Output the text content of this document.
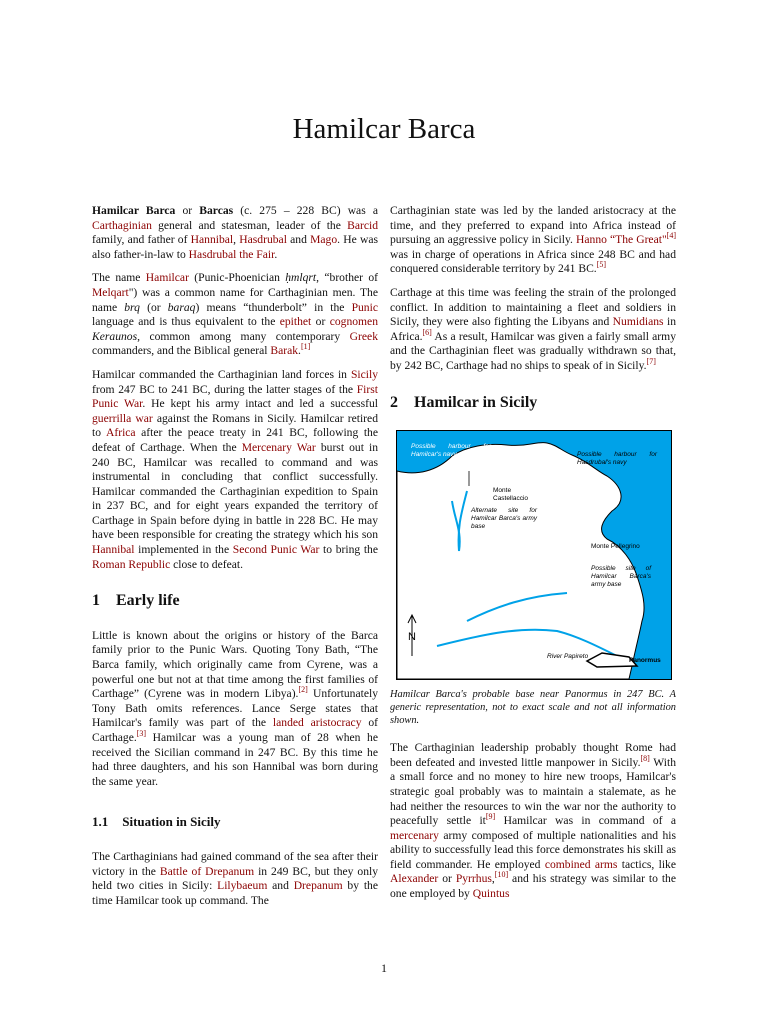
Hamilcar Barca

Hamilcar Barca or Barcas (c. 275 – 228 BC) was a Carthaginian general and statesman, leader of the Barcid family, and father of Hannibal, Hasdrubal and Mago. He was also father-in-law to Hasdrubal the Fair.

The name Hamilcar (Punic-Phoenician ḥmlqrt, “brother of Melqart") was a common name for Carthaginian men. The name brq (or baraq) means “thunderbolt” in the Punic language and is thus equivalent to the epithet or cognomen Keraunos, common among many contemporary Greek commanders, and the Biblical general Barak.[1]

Hamilcar commanded the Carthaginian land forces in Sicily from 247 BC to 241 BC, during the latter stages of the First Punic War. He kept his army intact and led a successful guerrilla war against the Romans in Sicily. Hamilcar retired to Africa after the peace treaty in 241 BC, following the defeat of Carthage. When the Mercenary War burst out in 240 BC, Hamilcar was recalled to command and was instrumental in concluding that conflict successfully. Hamilcar commanded the Carthaginian expedition to Spain in 237 BC, and for eight years expanded the territory of Carthage in Spain before dying in battle in 228 BC. He may have been responsible for creating the strategy which his son Hannibal implemented in the Second Punic War to bring the Roman Republic close to defeat.

1 Early life

Little is known about the origins or history of the Barca family prior to the Punic Wars. Quoting Tony Bath, “The Barca family, which originally came from Cyrene, was a powerful one but not at that time among the first families of Carthage” (Cyrene was in modern Libya).[2] Unfortunately Tony Bath omits references. Lance Serge states that Hamilcar's family was part of the landed aristocracy of Carthage.[3] Hamilcar was a young man of 28 when he received the Sicilian command in 247 BC. By this time he had three daughters, and his son Hannibal was born during the same year.

1.1 Situation in Sicily

The Carthaginians had gained command of the sea after their victory in the Battle of Drepanum in 249 BC, but they only held two cities in Sicily: Lilybaeum and Drepanum by the time Hamilcar took up command. The

Carthaginian state was led by the landed aristocracy at the time, and they preferred to expand into Africa instead of pursuing an aggressive policy in Sicily. Hanno “The Great"[4] was in charge of operations in Africa since 248 BC and had conquered considerable territory by 241 BC.[5]

Carthage at this time was feeling the strain of the prolonged conflict. In addition to maintaining a fleet and soldiers in Sicily, they were also fighting the Libyans and Numidians in Africa.[6] As a result, Hamilcar was given a fairly small army and the Carthaginian fleet was gradually withdrawn so that, by 242 BC, Carthage had no ships to speak of in Sicily.[7]

2 Hamilcar in Sicily
Possible harbour for Hamilcar's navy	Possible harbour for Hasdrubal's navy
Monte Castellaccio
Alternate site for Hamilcar Barca's army base
Monte Pellegrino
Possible site of Hamilcar Barca's army base
River Papireto
Panormus
N

Hamilcar Barca's probable base near Panormus in 247 BC. A generic representation, not to exact scale and not all information shown.

The Carthaginian leadership probably thought Rome had been defeated and invested little manpower in Sicily.[8] With a small force and no money to hire new troops, Hamilcar's strategic goal probably was to maintain a stalemate, as he had neither the resources to win the war nor the authority to peacefully settle it[9] Hamilcar was in command of a mercenary army composed of multiple nationalities and his ability to successfully lead this force demonstrates his skill as field commander. He employed combined arms tactics, like Alexander or Pyrrhus,[10] and his strategy was similar to the one employed by Quintus

1
